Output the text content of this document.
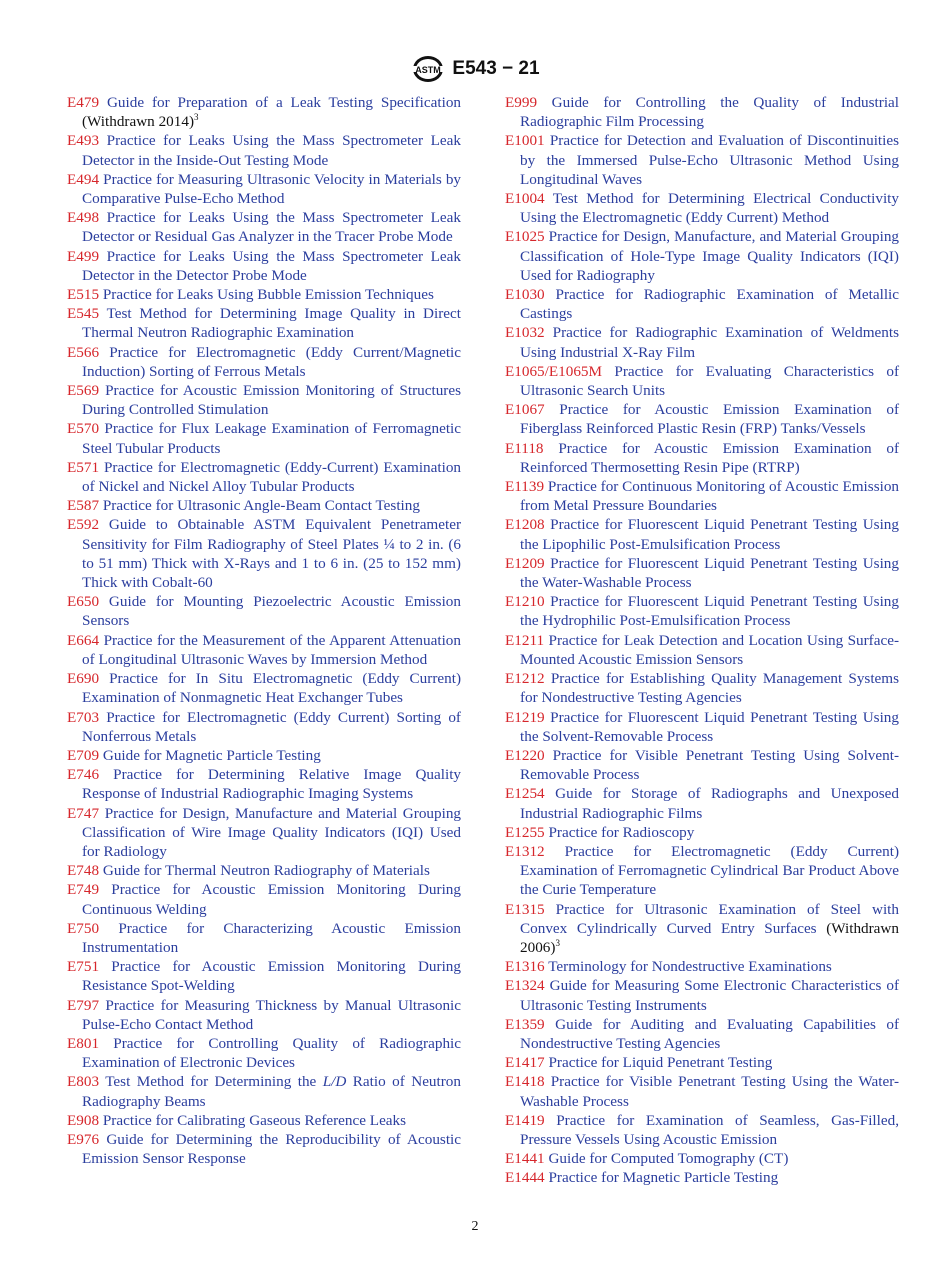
ASTM E543 − 21
E479 Guide for Preparation of a Leak Testing Specification (Withdrawn 2014)$^3$
E493 Practice for Leaks Using the Mass Spectrometer Leak Detector in the Inside-Out Testing Mode
E494 Practice for Measuring Ultrasonic Velocity in Materials by Comparative Pulse-Echo Method
E498 Practice for Leaks Using the Mass Spectrometer Leak Detector or Residual Gas Analyzer in the Tracer Probe Mode
E499 Practice for Leaks Using the Mass Spectrometer Leak Detector in the Detector Probe Mode
E515 Practice for Leaks Using Bubble Emission Techniques
E545 Test Method for Determining Image Quality in Direct Thermal Neutron Radiographic Examination
E566 Practice for Electromagnetic (Eddy Current/Magnetic Induction) Sorting of Ferrous Metals
E569 Practice for Acoustic Emission Monitoring of Structures During Controlled Stimulation
E570 Practice for Flux Leakage Examination of Ferromagnetic Steel Tubular Products
E571 Practice for Electromagnetic (Eddy-Current) Examination of Nickel and Nickel Alloy Tubular Products
E587 Practice for Ultrasonic Angle-Beam Contact Testing
E592 Guide to Obtainable ASTM Equivalent Penetrameter Sensitivity for Film Radiography of Steel Plates ¼ to 2 in. (6 to 51 mm) Thick with X-Rays and 1 to 6 in. (25 to 152 mm) Thick with Cobalt-60
E650 Guide for Mounting Piezoelectric Acoustic Emission Sensors
E664 Practice for the Measurement of the Apparent Attenuation of Longitudinal Ultrasonic Waves by Immersion Method
E690 Practice for In Situ Electromagnetic (Eddy Current) Examination of Nonmagnetic Heat Exchanger Tubes
E703 Practice for Electromagnetic (Eddy Current) Sorting of Nonferrous Metals
E709 Guide for Magnetic Particle Testing
E746 Practice for Determining Relative Image Quality Response of Industrial Radiographic Imaging Systems
E747 Practice for Design, Manufacture and Material Grouping Classification of Wire Image Quality Indicators (IQI) Used for Radiology
E748 Guide for Thermal Neutron Radiography of Materials
E749 Practice for Acoustic Emission Monitoring During Continuous Welding
E750 Practice for Characterizing Acoustic Emission Instrumentation
E751 Practice for Acoustic Emission Monitoring During Resistance Spot-Welding
E797 Practice for Measuring Thickness by Manual Ultrasonic Pulse-Echo Contact Method
E801 Practice for Controlling Quality of Radiographic Examination of Electronic Devices
E803 Test Method for Determining the L/D Ratio of Neutron Radiography Beams
E908 Practice for Calibrating Gaseous Reference Leaks
E976 Guide for Determining the Reproducibility of Acoustic Emission Sensor Response
E999 Guide for Controlling the Quality of Industrial Radiographic Film Processing
E1001 Practice for Detection and Evaluation of Discontinuities by the Immersed Pulse-Echo Ultrasonic Method Using Longitudinal Waves
E1004 Test Method for Determining Electrical Conductivity Using the Electromagnetic (Eddy Current) Method
E1025 Practice for Design, Manufacture, and Material Grouping Classification of Hole-Type Image Quality Indicators (IQI) Used for Radiography
E1030 Practice for Radiographic Examination of Metallic Castings
E1032 Practice for Radiographic Examination of Weldments Using Industrial X-Ray Film
E1065/E1065M Practice for Evaluating Characteristics of Ultrasonic Search Units
E1067 Practice for Acoustic Emission Examination of Fiberglass Reinforced Plastic Resin (FRP) Tanks/Vessels
E1118 Practice for Acoustic Emission Examination of Reinforced Thermosetting Resin Pipe (RTRP)
E1139 Practice for Continuous Monitoring of Acoustic Emission from Metal Pressure Boundaries
E1208 Practice for Fluorescent Liquid Penetrant Testing Using the Lipophilic Post-Emulsification Process
E1209 Practice for Fluorescent Liquid Penetrant Testing Using the Water-Washable Process
E1210 Practice for Fluorescent Liquid Penetrant Testing Using the Hydrophilic Post-Emulsification Process
E1211 Practice for Leak Detection and Location Using Surface-Mounted Acoustic Emission Sensors
E1212 Practice for Establishing Quality Management Systems for Nondestructive Testing Agencies
E1219 Practice for Fluorescent Liquid Penetrant Testing Using the Solvent-Removable Process
E1220 Practice for Visible Penetrant Testing Using Solvent-Removable Process
E1254 Guide for Storage of Radiographs and Unexposed Industrial Radiographic Films
E1255 Practice for Radioscopy
E1312 Practice for Electromagnetic (Eddy Current) Examination of Ferromagnetic Cylindrical Bar Product Above the Curie Temperature
E1315 Practice for Ultrasonic Examination of Steel with Convex Cylindrically Curved Entry Surfaces (Withdrawn 2006)$^3$
E1316 Terminology for Nondestructive Examinations
E1324 Guide for Measuring Some Electronic Characteristics of Ultrasonic Testing Instruments
E1359 Guide for Auditing and Evaluating Capabilities of Nondestructive Testing Agencies
E1417 Practice for Liquid Penetrant Testing
E1418 Practice for Visible Penetrant Testing Using the Water-Washable Process
E1419 Practice for Examination of Seamless, Gas-Filled, Pressure Vessels Using Acoustic Emission
E1441 Guide for Computed Tomography (CT)
E1444 Practice for Magnetic Particle Testing
2
